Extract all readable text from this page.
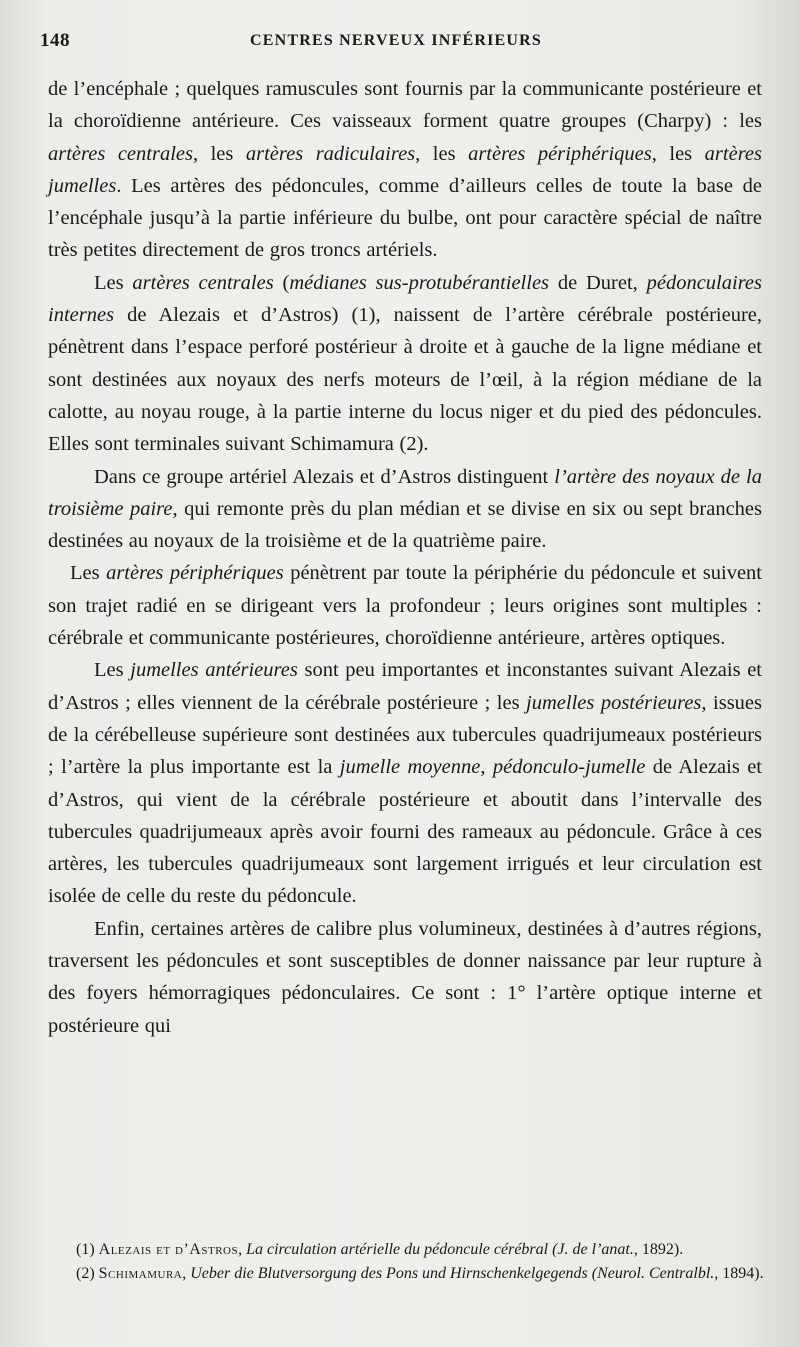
148	CENTRES NERVEUX INFÉRIEURS

de l’encéphale ; quelques ramuscules sont fournis par la communicante postérieure et la choroïdienne antérieure. Ces vaisseaux forment quatre groupes (Charpy) : les artères centrales, les artères radiculaires, les artères périphériques, les artères jumelles. Les artères des pédoncules, comme d’ailleurs celles de toute la base de l’encéphale jusqu’à la partie inférieure du bulbe, ont pour caractère spécial de naître très petites directement de gros troncs artériels.

Les artères centrales (médianes sus-protubérantielles de Duret, pédonculaires internes de Alezais et d’Astros) (1), naissent de l’artère cérébrale postérieure, pénètrent dans l’espace perforé postérieur à droite et à gauche de la ligne médiane et sont destinées aux noyaux des nerfs moteurs de l’œil, à la région médiane de la calotte, au noyau rouge, à la partie interne du locus niger et du pied des pédoncules. Elles sont terminales suivant Schimamura (2).

Dans ce groupe artériel Alezais et d’Astros distinguent l’artère des noyaux de la troisième paire, qui remonte près du plan médian et se divise en six ou sept branches destinées au noyaux de la troisième et de la quatrième paire.

Les artères périphériques pénètrent par toute la périphérie du pédoncule et suivent son trajet radié en se dirigeant vers la profondeur ; leurs origines sont multiples : cérébrale et communicante postérieures, choroïdienne antérieure, artères optiques.

Les jumelles antérieures sont peu importantes et inconstantes suivant Alezais et d’Astros ; elles viennent de la cérébrale postérieure ; les jumelles postérieures, issues de la cérébelleuse supérieure sont destinées aux tubercules quadrijumeaux postérieurs ; l’artère la plus importante est la jumelle moyenne, pédonculo-jumelle de Alezais et d’Astros, qui vient de la cérébrale postérieure et aboutit dans l’intervalle des tubercules quadrijumeaux après avoir fourni des rameaux au pédoncule. Grâce à ces artères, les tubercules quadrijumeaux sont largement irrigués et leur circulation est isolée de celle du reste du pédoncule.

Enfin, certaines artères de calibre plus volumineux, destinées à d’autres régions, traversent les pédoncules et sont susceptibles de donner naissance par leur rupture à des foyers hémorragiques pédonculaires. Ce sont : 1° l’artère optique interne et postérieure qui

(1) Alezais et d’Astros, La circulation artérielle du pédoncule cérébral (J. de l’anat., 1892).

(2) Schimamura, Ueber die Blutversorgung des Pons und Hirnschenkelgegends (Neurol. Centralbl., 1894).
